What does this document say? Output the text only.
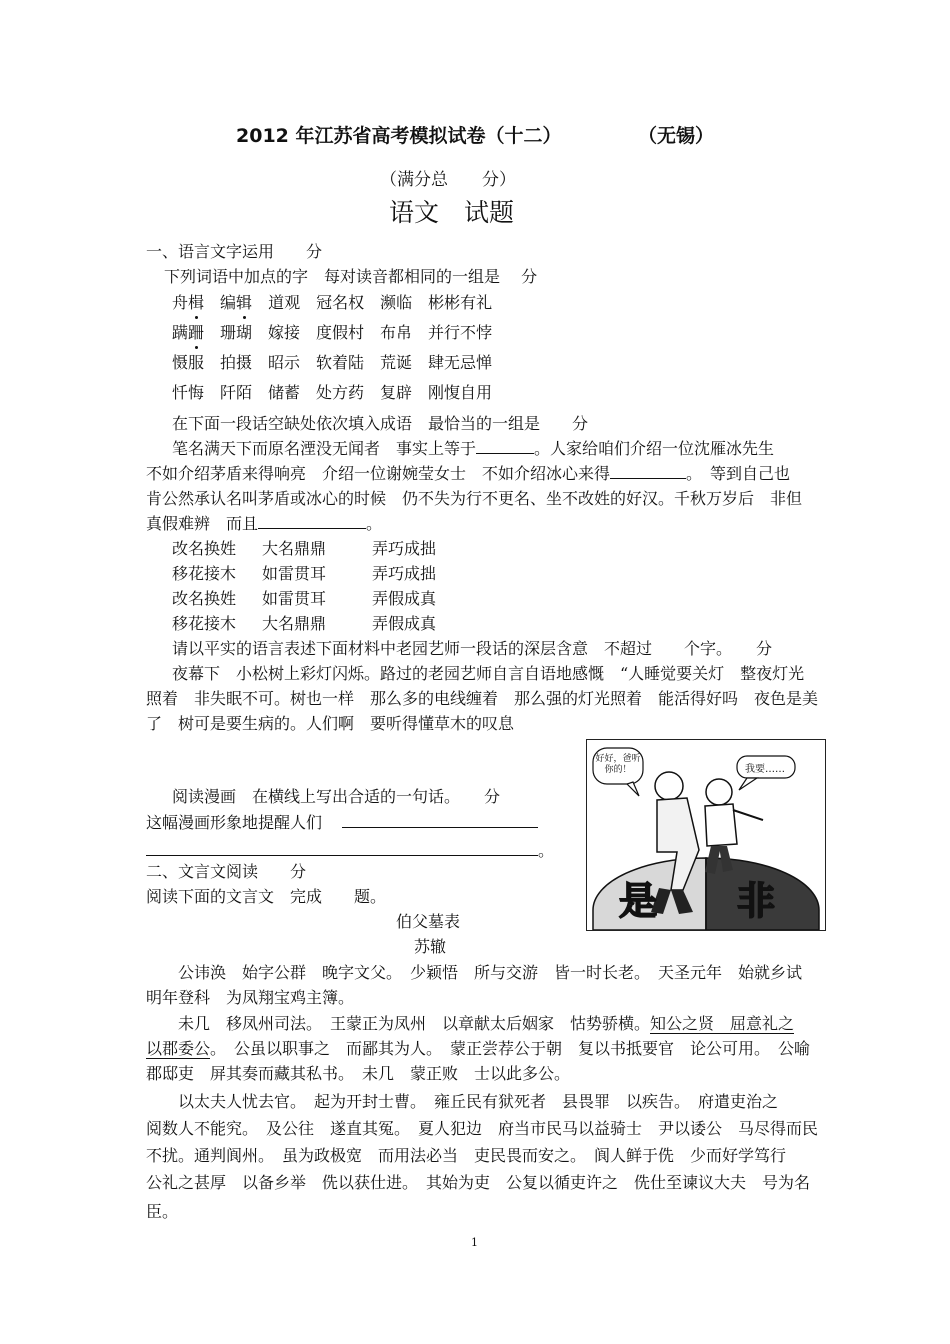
2012 年江苏省高考模拟试卷（十二）	（无锡）
（满分总　　分）
语文　试题
一、语言文字运用　　分
下列词语中加点的字　每对读音都相同的一组是　 分
舟楫　编辑　道观　冠名权　濒临　彬彬有礼
蹒跚　珊瑚　嫁接　度假村　布帛　并行不悖
慑服　拍摄　昭示　软着陆　荒诞　肆无忌惮
忏悔　阡陌　储蓄　处方药　复辟　刚愎自用
在下面一段话空缺处依次填入成语　最恰当的一组是　　分
笔名满天下而原名湮没无闻者　事实上等于	。人家给咱们介绍一位沈雁冰先生
不如介绍茅盾来得响亮　介绍一位谢婉莹女士　不如介绍冰心来得	。　等到自己也
肯公然承认名叫茅盾或冰心的时候　仍不失为行不更名、坐不改姓的好汉。千秋万岁后　非但
真假难辨　而且	。
改名换姓 大名鼎鼎	弄巧成拙
移花接木 如雷贯耳	弄巧成拙
改名换姓 如雷贯耳	弄假成真
移花接木 大名鼎鼎	弄假成真
请以平实的语言表述下面材料中老园艺师一段话的深层含意　不超过　　个字。　　分
夜幕下　小松树上彩灯闪烁。路过的老园艺师自言自语地感慨　“人睡觉要关灯　整夜灯光
照着　非失眠不可。树也一样　那么多的电线缠着　那么强的灯光照着　能活得好吗　夜色是美
了　树可是要生病的。人们啊　要听得懂草木的叹息
好好，爸听你的！	我要……
是 非
阅读漫画　在横线上写出合适的一句话。　　分
这幅漫画形象地提醒人们
。
二、文言文阅读　　分
阅读下面的文言文　完成　　题。
伯父墓表
苏辙
公讳涣　始字公群　晚字文父。　少颖悟　所与交游　皆一时长老。　天圣元年　始就乡试
明年登科　为凤翔宝鸡主簿。
未几　移凤州司法。　王蒙正为凤州　以章献太后姻家　怙势骄横。知公之贤　屈意礼之
以郡委公。　公虽以职事之　而鄙其为人。　蒙正尝荐公于朝　复以书抵要官　论公可用。　公喻
郡邸吏　屏其奏而藏其私书。　未几　蒙正败　士以此多公。
以太夫人忧去官。　起为开封士曹。　雍丘民有狱死者　县畏罪　以疾告。　府遣吏治之
阅数人不能究。　及公往　遂直其冤。　夏人犯边　府当市民马以益骑士　尹以诿公　马尽得而民
不扰。通判阆州。　虽为政极宽　而用法必当　吏民畏而安之。　阆人鲜于侁　少而好学笃行
公礼之甚厚　以备乡举　侁以获仕进。　其始为吏　公复以循吏许之　侁仕至谏议大夫　号为名
臣。
1
